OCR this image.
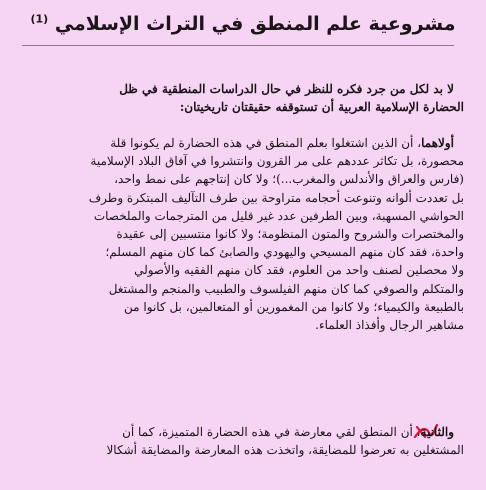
مشروعية علم المنطق في التراث الإسلامي $^{(1)}$
لا بد لكل من جرد فكره للنظر في حال الدراسات المنطقية في ظل
الحضارة الإسلامية العربية أن تستوقفه حقيقتان تاريخيتان:
أولاهما، أن الذين اشتغلوا بعلم المنطق في هذه الحضارة لم يكونوا قلة
محصورة، بل تكاثر عددهم على مر القرون وانتشروا في آفاق البلاد الإسلامية
(فارس والعراق والأندلس والمغرب...)؛ ولا كان إنتاجهم على نمط واحد،
بل تعددت ألوانه وتنوعت أحجامه متراوحة بين طرف التآليف المبتكرة وطرف
الحواشي المسهبة، وبين الطرفين عدد غير قليل من المترجمات والملخصات
والمختصرات والشروح والمتون المنظومة؛ ولا كانوا منتسبين إلى عقيدة
واحدة، فقد كان منهم المسيحي واليهودي والصابئ كما كان منهم المسلم؛
ولا محصلين لصنف واحد من العلوم، فقد كان منهم الفقيه والأصولي
والمتكلم والصوفي كما كان منهم الفيلسوف والطبيب والمنجم والمشتغل
بالطبيعة والكيمياء؛ ولا كانوا من المغمورين أو المتعالمين، بل كانوا من
مشاهير الرجال وأفذاذ العلماء.
والثانية، أن المنطق لقي معارضة في هذه الحضارة المتميزة، كما أن
المشتغلين به تعرضوا للمضايقة، واتخذت هذه المعارضة والمضايقة أشكالا
